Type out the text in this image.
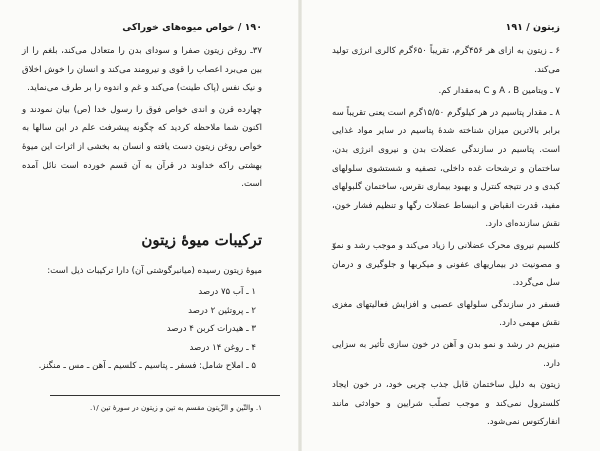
۱۹۰ / خواص میوه‌های خوراکی

۳۷ـ روغن زیتون صفرا و سودای بدن را متعادل می‌کند، بلغم را از بین می‌برد اعصاب را قوی و نیرومند می‌کند و انسان را خوش اخلاق و نیک نفس (پاک طینت) می‌کند و غم و اندوه را بر طرف می‌نماید.

چهارده قرن و اندی خواص فوق را رسول خدا (ص) بیان نمودند و اکنون شما ملاحظه کردید که چگونه پیشرفت علم در این سالها به خواص روغن زیتون دست یافته و انسان به بخشی از اثرات این میوهٔ بهشتی راکه خداوند در قرآن به آن قسم خورده است نائل آمده است.

ترکیبات میوهٔ زیتون
میوهٔ زیتون رسیده (میانبرگوشتی آن) دارا ترکیبات ذیل است:
۱ ـ آب ۷۵ درصد
۲ ـ پروتئین ۲ درصد
۳ ـ هیدرات کربن ۴ درصد
۴ ـ روغن ۱۴ درصد
۵ ـ املاح شامل: فسفر ـ پتاسیم ـ کلسیم ـ آهن ـ مس ـ منگنز.
۱. والتّین و الزّیتون مقسم به تین و زیتون در سورهٔ تین /۱.
زیتون / ۱۹۱

۶ ـ زیتون به ازای هر ۴۵۶گرم، تقریباً ۶۵۰گرم کالری انرژی تولید می‌کند.

۷ ـ ویتامین A ، B و C به‌مقدار کم.

۸ ـ مقدار پتاسیم در هر کیلوگرم ۱۵/۵۰گرم است یعنی تقریباً سه برابر بالاترین میزان شناخته شدهٔ پتاسیم در سایر مواد غذایی است. پتاسیم در سازندگی عضلات بدن و نیروی انرژی بدن، ساختمان و ترشحات غده داخلی، تصفیه و شستشوی سلولهای کبدی و در نتیجه کنترل و بهبود بیماری نقرس، ساختمان گلبولهای مفید، قدرت انقباض و انبساط عضلات رگها و تنظیم فشار خون، نقش سازنده‌ای دارد.

کلسیم نیروی محرک عضلانی را زیاد می‌کند و موجب رشد و نموّ و مصونیت در بیماریهای عفونی و میکربها و جلوگیری و درمان سل می‌گردد.

فسفر در سازندگی سلولهای عصبی و افزایش فعالیتهای مغزی نقش مهمی دارد.

منیزیم در رشد و نمو بدن و آهن در خون سازی تأثیر به سزایی دارد.

زیتون به دلیل ساختمان قابل جذب چربی خود، در خون ایجاد کلسترول نمی‌کند و موجب تصلّب شرایین و حوادثی مانند انفارکتوس نمی‌شود.
